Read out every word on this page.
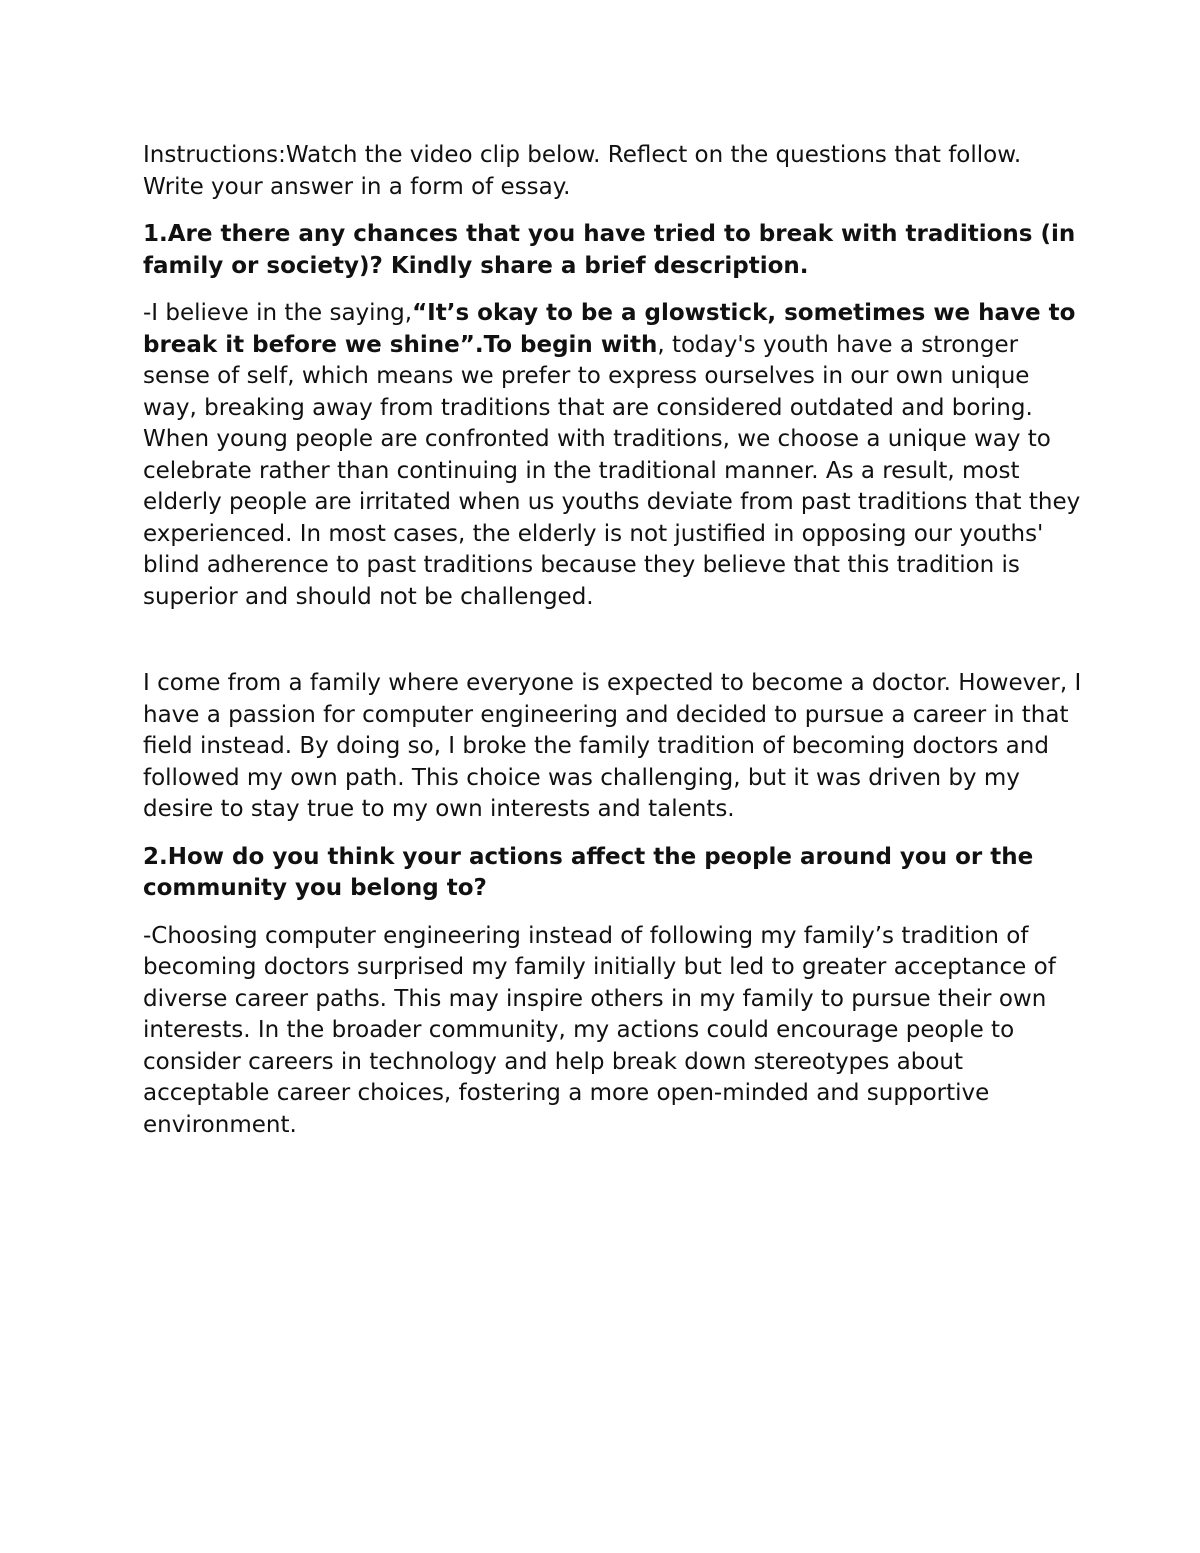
Instructions:Watch the video clip below. Reflect on the questions that follow. Write your answer in a form of essay.

1.Are there any chances that you have tried to break with traditions (in family or society)? Kindly share a brief description.

-I believe in the saying,“It’s okay to be a glowstick, sometimes we have to break it before we shine”.To begin with, today's youth have a stronger sense of self, which means we prefer to express ourselves in our own unique way, breaking away from traditions that are considered outdated and boring. When young people are confronted with traditions, we choose a unique way to celebrate rather than continuing in the traditional manner. As a result, most elderly people are irritated when us youths deviate from past traditions that they experienced. In most cases, the elderly is not justified in opposing our youths' blind adherence to past traditions because they believe that this tradition is superior and should not be challenged.

I come from a family where everyone is expected to become a doctor. However, I have a passion for computer engineering and decided to pursue a career in that field instead. By doing so, I broke the family tradition of becoming doctors and followed my own path. This choice was challenging, but it was driven by my desire to stay true to my own interests and talents.

2.How do you think your actions affect the people around you or the community you belong to?

-Choosing computer engineering instead of following my family’s tradition of becoming doctors surprised my family initially but led to greater acceptance of diverse career paths. This may inspire others in my family to pursue their own interests. In the broader community, my actions could encourage people to consider careers in technology and help break down stereotypes about acceptable career choices, fostering a more open-minded and supportive environment.
